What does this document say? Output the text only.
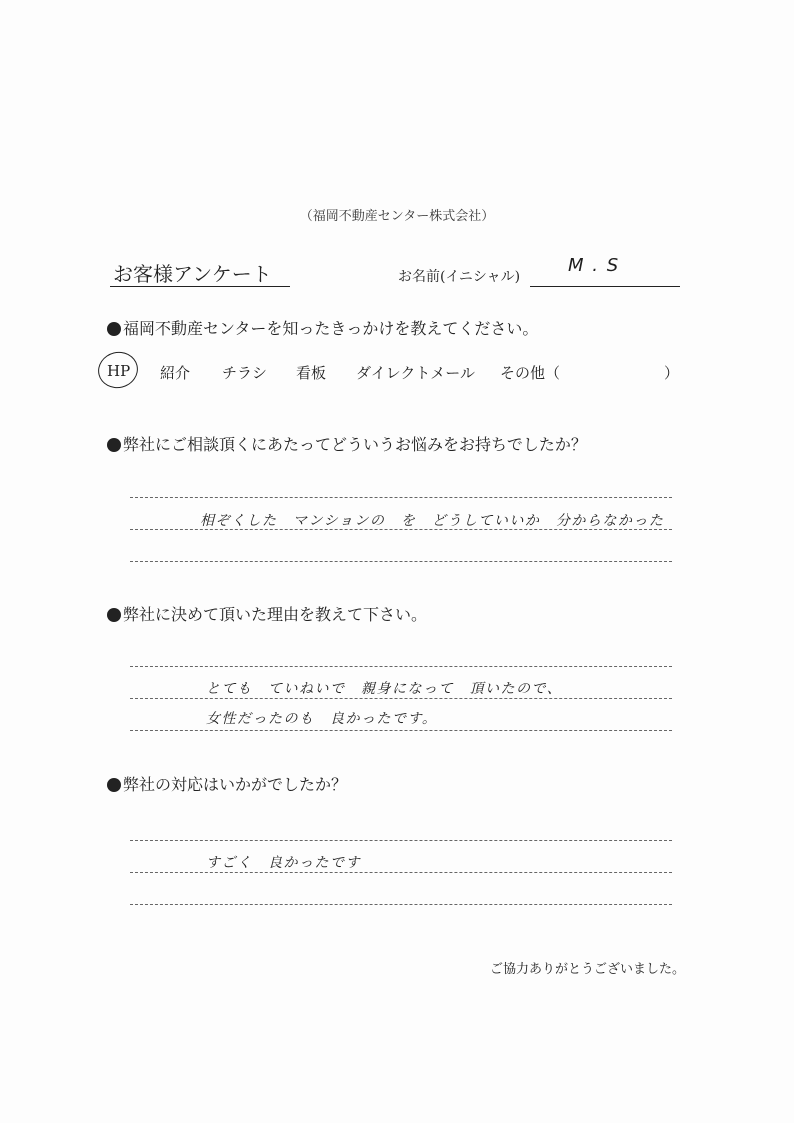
（福岡不動産センター株式会社）
お客様アンケート	お名前(イニシャル)
M . S
福岡不動産センターを知ったきっかけを教えてください。
HP 紹介 チラシ 看板 ダイレクトメール その他（	）
弊社にご相談頂くにあたってどういうお悩みをお持ちでしたか？
相ぞくした　マンションの　を　どうしていいか　分からなかった
弊社に決めて頂いた理由を教えて下さい。
とても　ていねいで　親身になって　頂いたので、
女性だったのも　良かったです。
弊社の対応はいかがでしたか？
すごく　良かったです
ご協力ありがとうございました。
